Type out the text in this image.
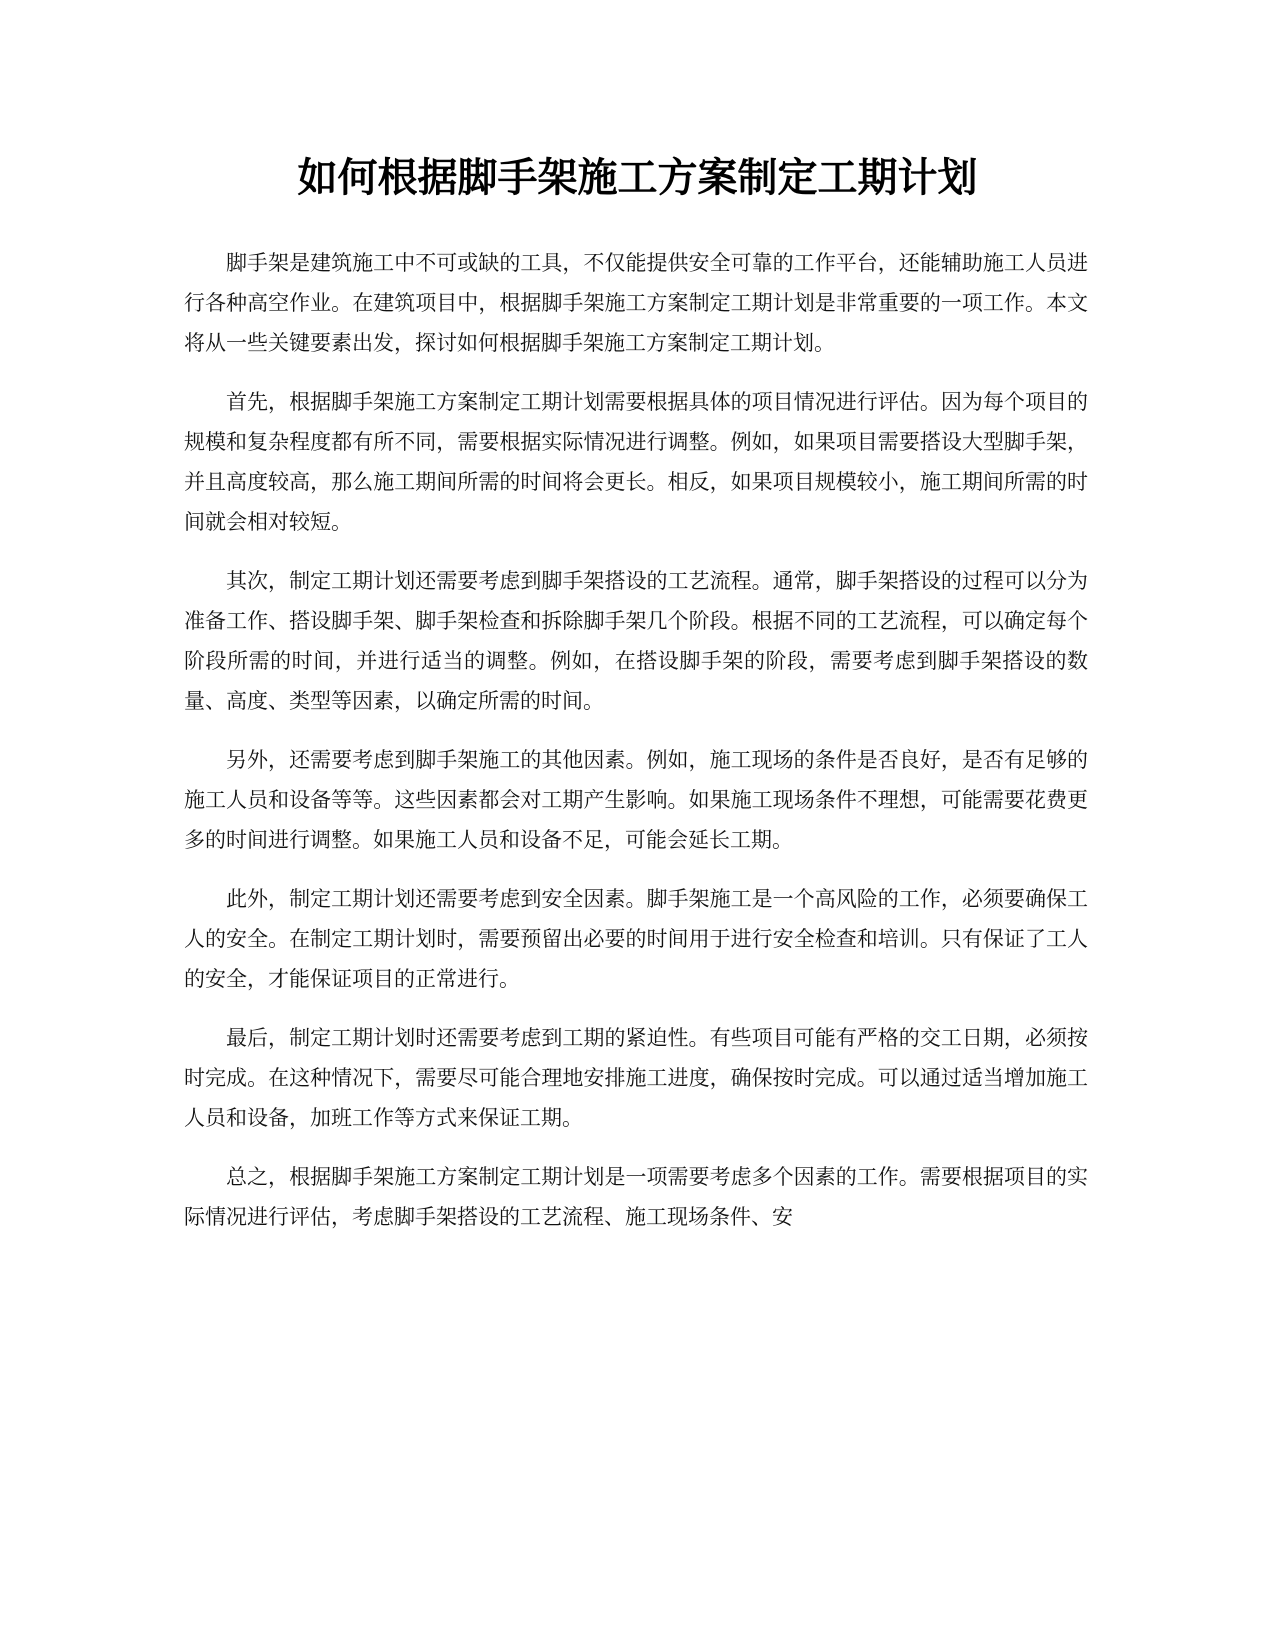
如何根据脚手架施工方案制定工期计划

脚手架是建筑施工中不可或缺的工具，不仅能提供安全可靠的工作平台，还能辅助施工人员进行各种高空作业。在建筑项目中，根据脚手架施工方案制定工期计划是非常重要的一项工作。本文将从一些关键要素出发，探讨如何根据脚手架施工方案制定工期计划。

首先，根据脚手架施工方案制定工期计划需要根据具体的项目情况进行评估。因为每个项目的规模和复杂程度都有所不同，需要根据实际情况进行调整。例如，如果项目需要搭设大型脚手架，并且高度较高，那么施工期间所需的时间将会更长。相反，如果项目规模较小，施工期间所需的时间就会相对较短。

其次，制定工期计划还需要考虑到脚手架搭设的工艺流程。通常，脚手架搭设的过程可以分为准备工作、搭设脚手架、脚手架检查和拆除脚手架几个阶段。根据不同的工艺流程，可以确定每个阶段所需的时间，并进行适当的调整。例如，在搭设脚手架的阶段，需要考虑到脚手架搭设的数量、高度、类型等因素，以确定所需的时间。

另外，还需要考虑到脚手架施工的其他因素。例如，施工现场的条件是否良好，是否有足够的施工人员和设备等等。这些因素都会对工期产生影响。如果施工现场条件不理想，可能需要花费更多的时间进行调整。如果施工人员和设备不足，可能会延长工期。

此外，制定工期计划还需要考虑到安全因素。脚手架施工是一个高风险的工作，必须要确保工人的安全。在制定工期计划时，需要预留出必要的时间用于进行安全检查和培训。只有保证了工人的安全，才能保证项目的正常进行。

最后，制定工期计划时还需要考虑到工期的紧迫性。有些项目可能有严格的交工日期，必须按时完成。在这种情况下，需要尽可能合理地安排施工进度，确保按时完成。可以通过适当增加施工人员和设备，加班工作等方式来保证工期。

总之，根据脚手架施工方案制定工期计划是一项需要考虑多个因素的工作。需要根据项目的实际情况进行评估，考虑脚手架搭设的工艺流程、施工现场条件、安
